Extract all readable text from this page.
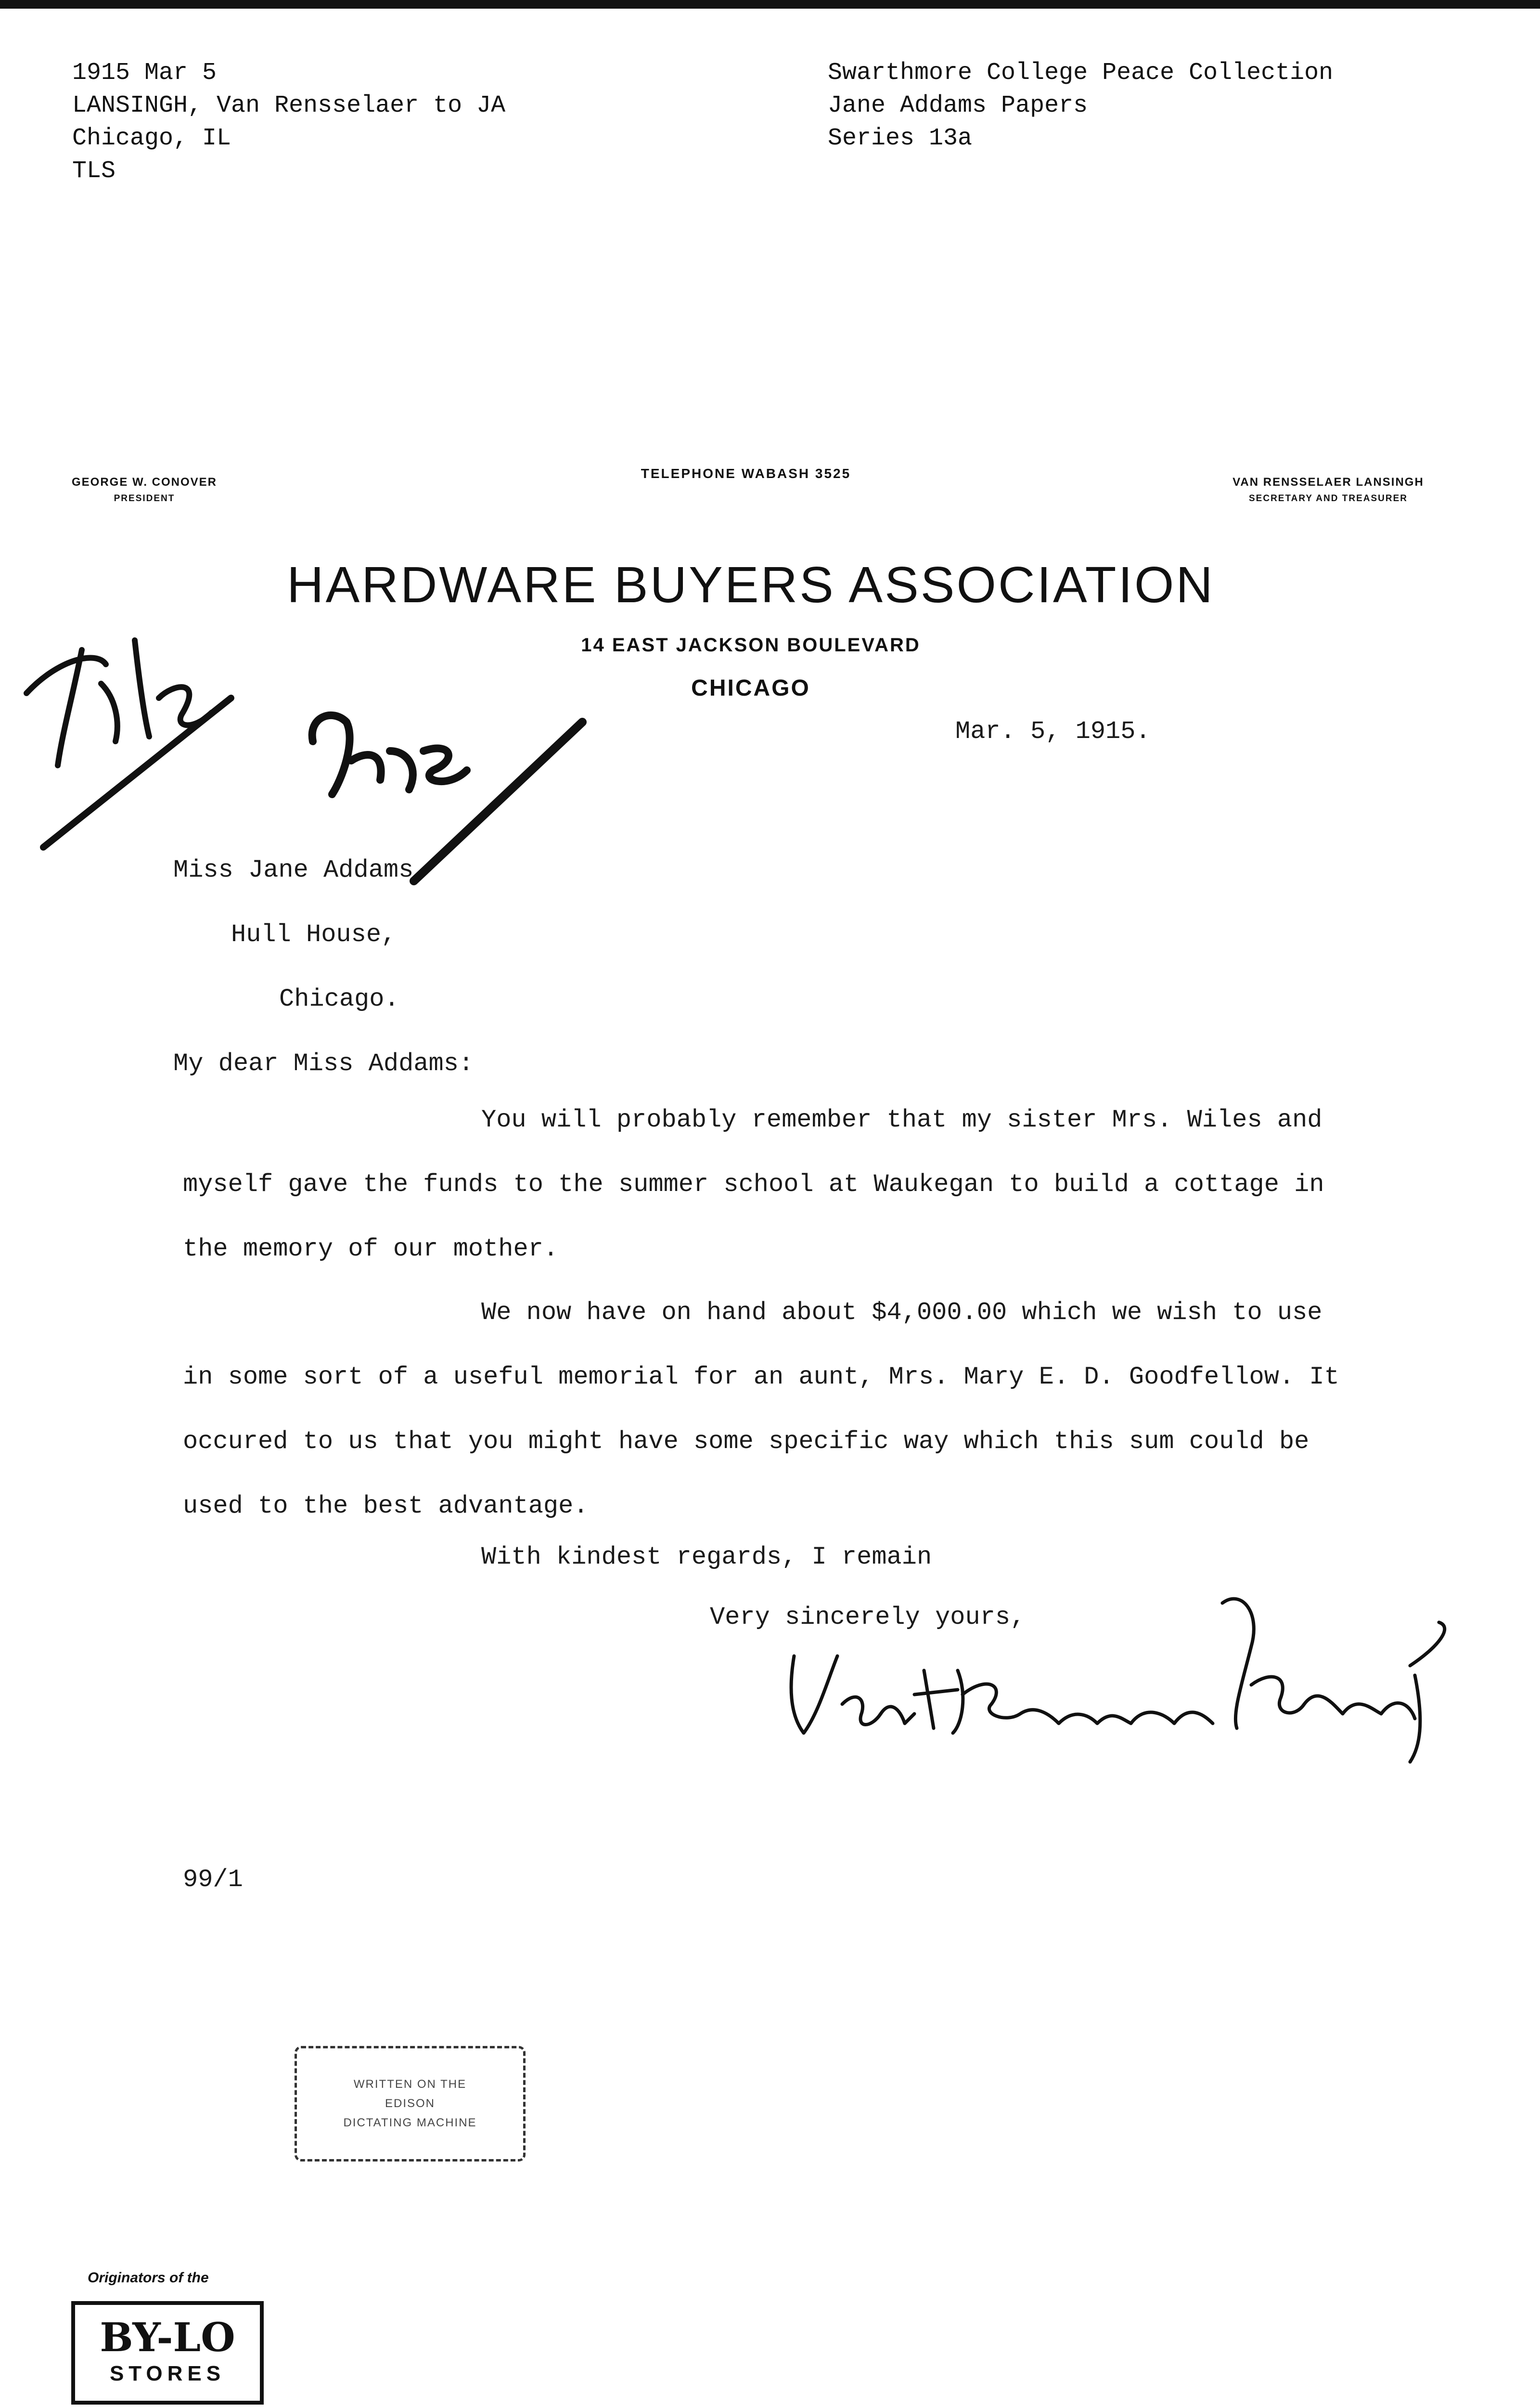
1915 Mar 5
LANSINGH, Van Rensselaer to JA
Chicago, IL
TLS
Swarthmore College Peace Collection
Jane Addams Papers
Series 13a
GEORGE W. CONOVER
PRESIDENT
TELEPHONE WABASH 3525
VAN RENSSELAER LANSINGH
SECRETARY AND TREASURER
HARDWARE BUYERS ASSOCIATION
14 EAST JACKSON BOULEVARD
CHICAGO
Mar. 5, 1915.
Miss Jane Addams,
Hull House,
Chicago.
My dear Miss Addams:
You will probably remember that my sister Mrs. Wiles and myself gave the funds to the summer school at Waukegan to build a cottage in the memory of our mother.
We now have on hand about $4,000.00 which we wish to use in some sort of a useful memorial for an aunt, Mrs. Mary E. D. Goodfellow. It occured to us that you might have some specific way which this sum could be used to the best advantage.
With kindest regards, I remain
Very sincerely yours,
99/1
WRITTEN ON THE
EDISON
DICTATING MACHINE
Originators of the
BY-LO
STORES
